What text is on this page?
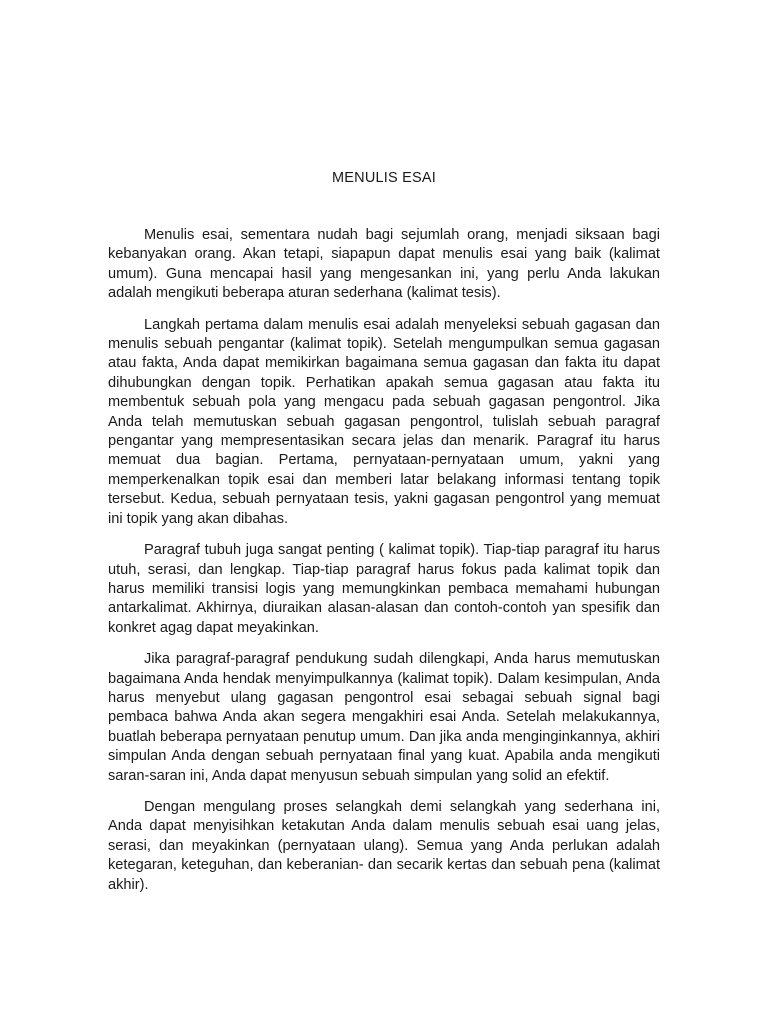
MENULIS ESAI

Menulis esai, sementara nudah bagi sejumlah orang, menjadi siksaan bagi kebanyakan orang. Akan tetapi, siapapun dapat menulis esai yang baik (kalimat umum). Guna mencapai hasil yang mengesankan ini, yang perlu Anda lakukan adalah mengikuti beberapa aturan sederhana (kalimat tesis).

Langkah pertama dalam menulis esai adalah menyeleksi sebuah gagasan dan menulis sebuah pengantar (kalimat topik). Setelah mengumpulkan semua gagasan atau fakta, Anda dapat memikirkan bagaimana semua gagasan dan fakta itu dapat dihubungkan dengan topik. Perhatikan apakah semua gagasan atau fakta itu membentuk sebuah pola yang mengacu pada sebuah gagasan pengontrol. Jika Anda telah memutuskan sebuah gagasan pengontrol, tulislah sebuah paragraf pengantar yang mempresentasikan secara jelas dan menarik. Paragraf itu harus memuat dua bagian. Pertama, pernyataan-pernyataan umum, yakni yang memperkenalkan topik esai dan memberi latar belakang informasi tentang topik tersebut. Kedua, sebuah pernyataan tesis, yakni gagasan pengontrol yang memuat ini topik yang akan dibahas.

Paragraf tubuh juga sangat penting ( kalimat topik). Tiap-tiap paragraf itu harus utuh, serasi, dan lengkap. Tiap-tiap paragraf harus fokus pada kalimat topik dan harus memiliki transisi logis yang memungkinkan pembaca memahami hubungan antarkalimat. Akhirnya, diuraikan alasan-alasan dan contoh-contoh yan spesifik dan konkret agag dapat meyakinkan.

Jika paragraf-paragraf pendukung sudah dilengkapi, Anda harus memutuskan bagaimana Anda hendak menyimpulkannya (kalimat topik). Dalam kesimpulan, Anda harus menyebut ulang gagasan pengontrol esai sebagai sebuah signal bagi pembaca bahwa Anda akan segera mengakhiri esai Anda. Setelah melakukannya, buatlah beberapa pernyataan penutup umum. Dan jika anda menginginkannya, akhiri simpulan Anda dengan sebuah pernyataan final yang kuat. Apabila anda mengikuti saran-saran ini, Anda dapat menyusun sebuah simpulan yang solid an efektif.

Dengan mengulang proses selangkah demi selangkah yang sederhana ini, Anda dapat menyisihkan ketakutan Anda dalam menulis sebuah esai uang jelas, serasi, dan meyakinkan (pernyataan ulang). Semua yang Anda perlukan adalah ketegaran, keteguhan, dan keberanian- dan secarik kertas dan sebuah pena (kalimat akhir).
